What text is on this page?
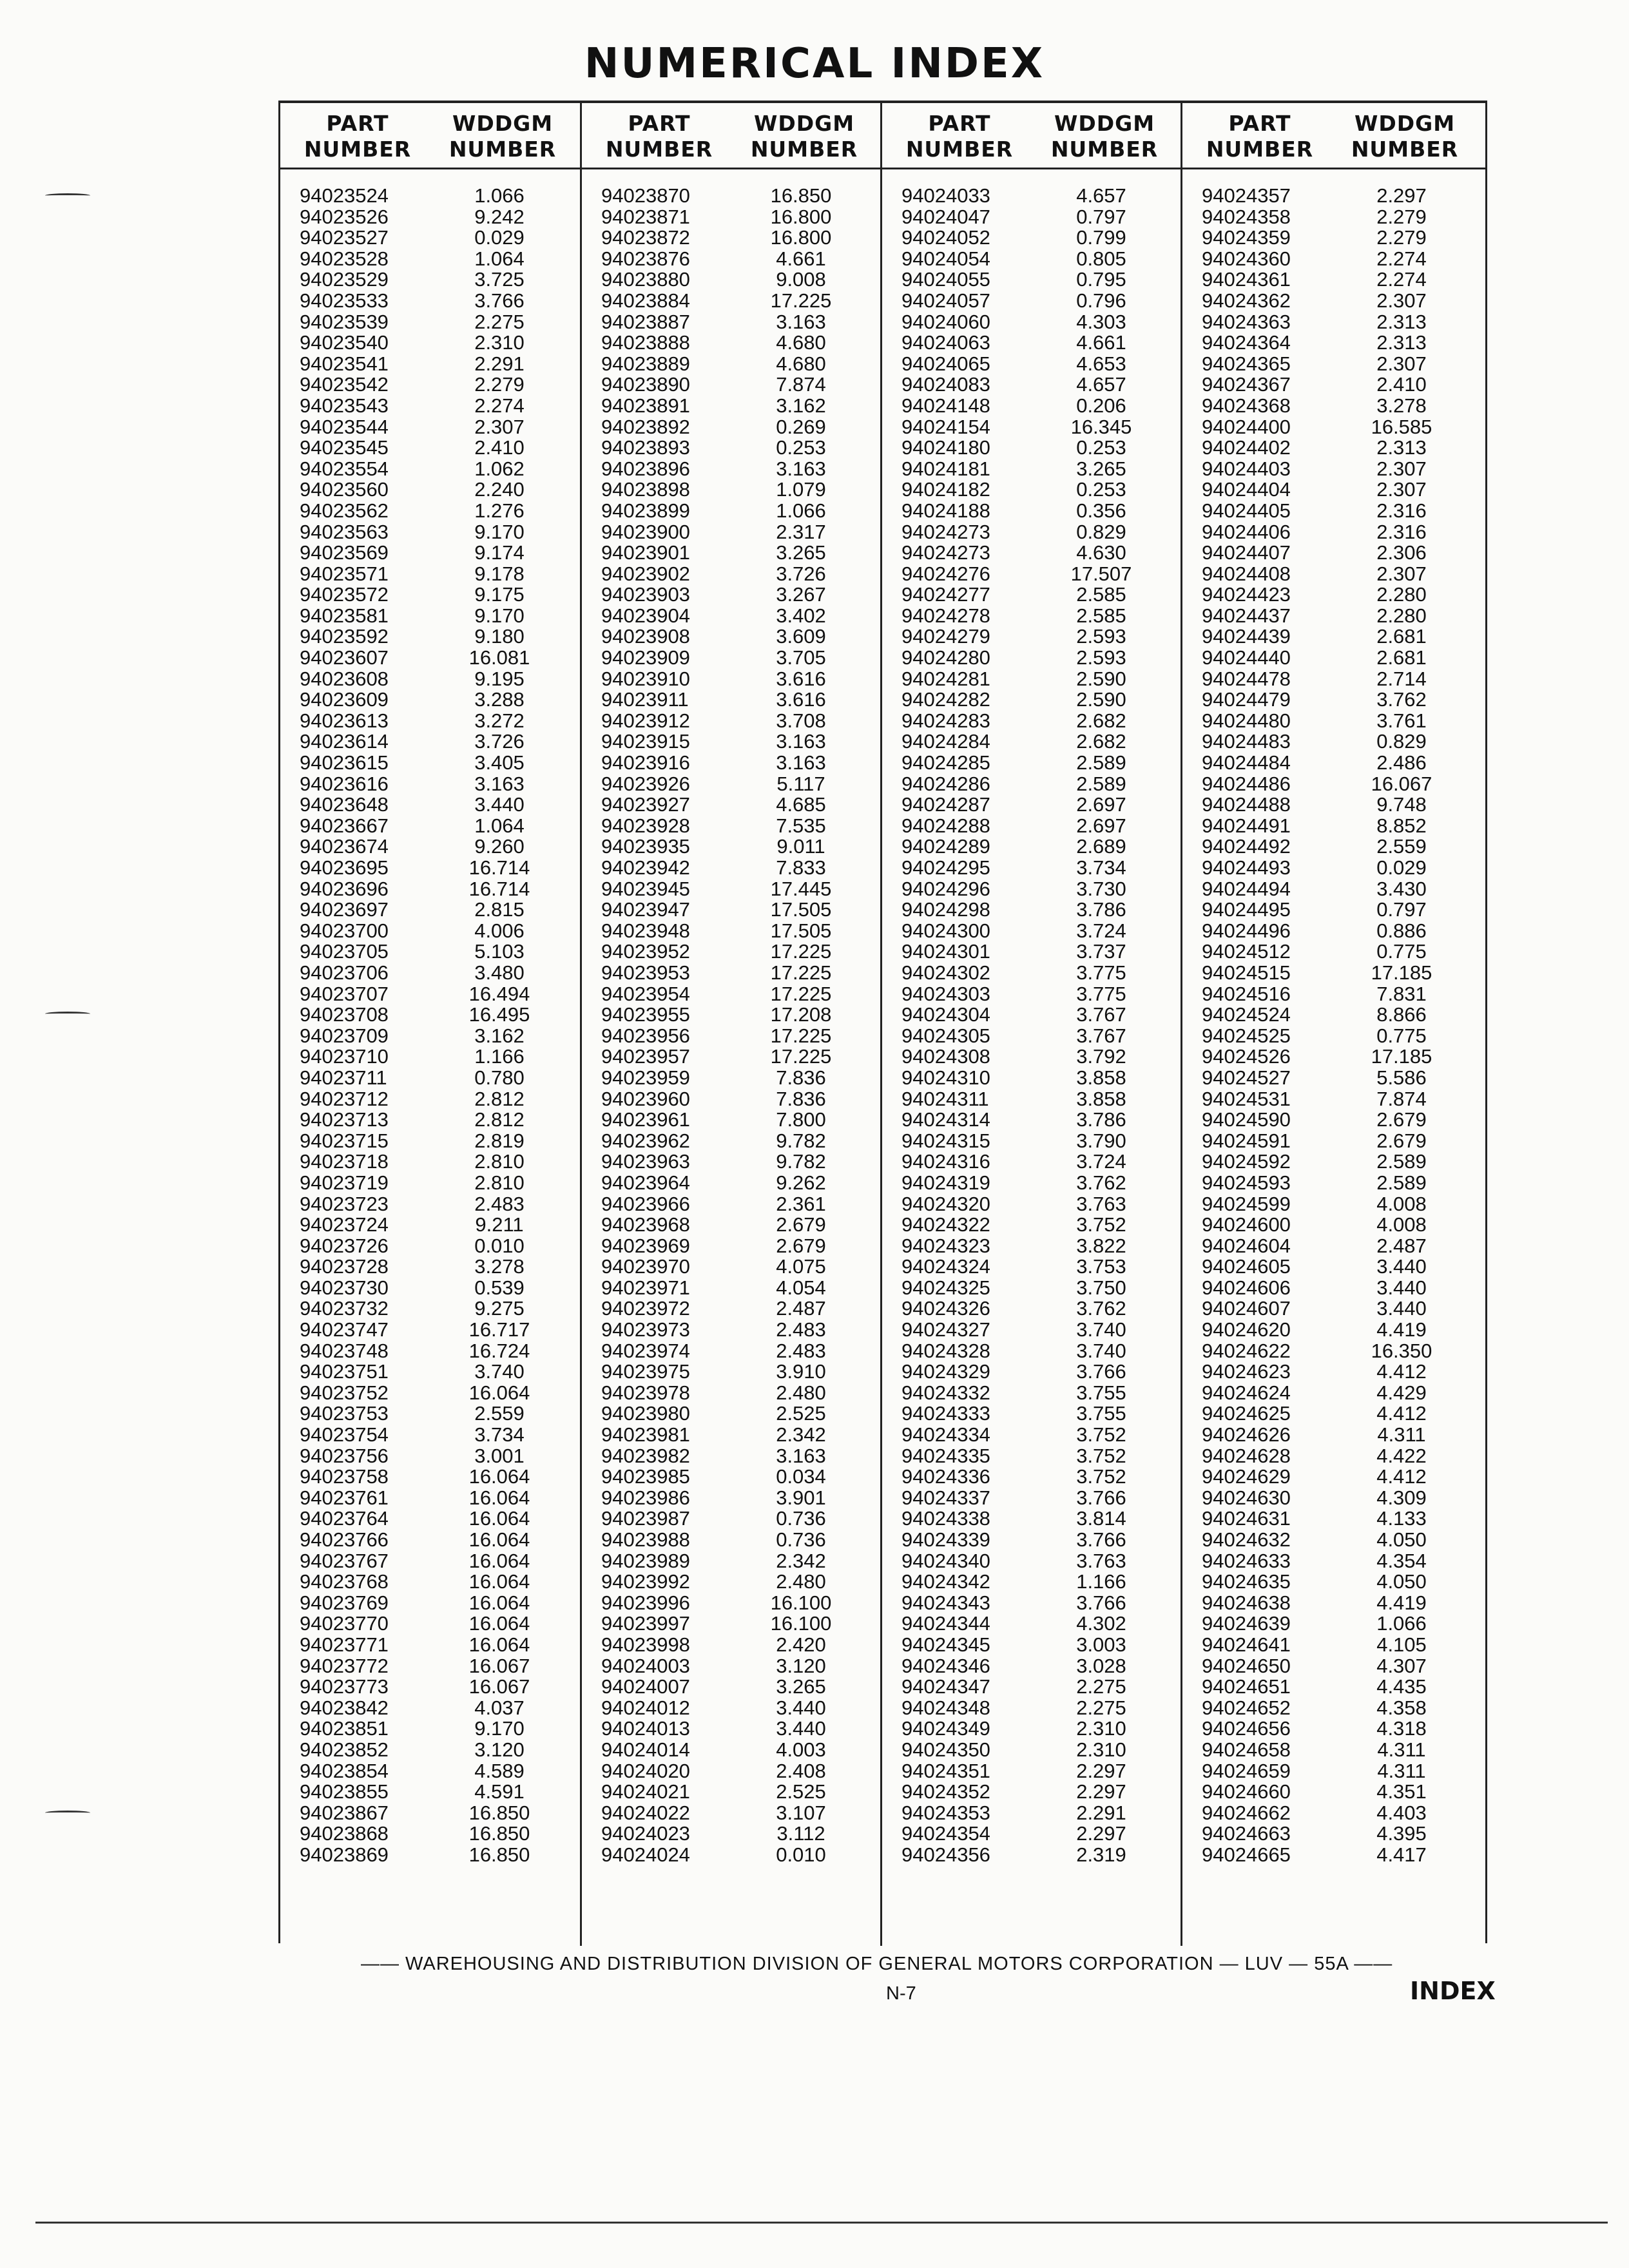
NUMERICAL INDEX
PART
NUMBER
WDDGM
NUMBER
94023524	1.066
94023526	9.242
94023527	0.029
94023528	1.064
94023529	3.725
94023533	3.766
94023539	2.275
94023540	2.310
94023541	2.291
94023542	2.279
94023543	2.274
94023544	2.307
94023545	2.410
94023554	1.062
94023560	2.240
94023562	1.276
94023563	9.170
94023569	9.174
94023571	9.178
94023572	9.175
94023581	9.170
94023592	9.180
94023607	16.081
94023608	9.195
94023609	3.288
94023613	3.272
94023614	3.726
94023615	3.405
94023616	3.163
94023648	3.440
94023667	1.064
94023674	9.260
94023695	16.714
94023696	16.714
94023697	2.815
94023700	4.006
94023705	5.103
94023706	3.480
94023707	16.494
94023708	16.495
94023709	3.162
94023710	1.166
94023711	0.780
94023712	2.812
94023713	2.812
94023715	2.819
94023718	2.810
94023719	2.810
94023723	2.483
94023724	9.211
94023726	0.010
94023728	3.278
94023730	0.539
94023732	9.275
94023747	16.717
94023748	16.724
94023751	3.740
94023752	16.064
94023753	2.559
94023754	3.734
94023756	3.001
94023758	16.064
94023761	16.064
94023764	16.064
94023766	16.064
94023767	16.064
94023768	16.064
94023769	16.064
94023770	16.064
94023771	16.064
94023772	16.067
94023773	16.067
94023842	4.037
94023851	9.170
94023852	3.120
94023854	4.589
94023855	4.591
94023867	16.850
94023868	16.850
94023869	16.850
PART
NUMBER
WDDGM
NUMBER
94023870	16.850
94023871	16.800
94023872	16.800
94023876	4.661
94023880	9.008
94023884	17.225
94023887	3.163
94023888	4.680
94023889	4.680
94023890	7.874
94023891	3.162
94023892	0.269
94023893	0.253
94023896	3.163
94023898	1.079
94023899	1.066
94023900	2.317
94023901	3.265
94023902	3.726
94023903	3.267
94023904	3.402
94023908	3.609
94023909	3.705
94023910	3.616
94023911	3.616
94023912	3.708
94023915	3.163
94023916	3.163
94023926	5.117
94023927	4.685
94023928	7.535
94023935	9.011
94023942	7.833
94023945	17.445
94023947	17.505
94023948	17.505
94023952	17.225
94023953	17.225
94023954	17.225
94023955	17.208
94023956	17.225
94023957	17.225
94023959	7.836
94023960	7.836
94023961	7.800
94023962	9.782
94023963	9.782
94023964	9.262
94023966	2.361
94023968	2.679
94023969	2.679
94023970	4.075
94023971	4.054
94023972	2.487
94023973	2.483
94023974	2.483
94023975	3.910
94023978	2.480
94023980	2.525
94023981	2.342
94023982	3.163
94023985	0.034
94023986	3.901
94023987	0.736
94023988	0.736
94023989	2.342
94023992	2.480
94023996	16.100
94023997	16.100
94023998	2.420
94024003	3.120
94024007	3.265
94024012	3.440
94024013	3.440
94024014	4.003
94024020	2.408
94024021	2.525
94024022	3.107
94024023	3.112
94024024	0.010
PART
NUMBER
WDDGM
NUMBER
94024033	4.657
94024047	0.797
94024052	0.799
94024054	0.805
94024055	0.795
94024057	0.796
94024060	4.303
94024063	4.661
94024065	4.653
94024083	4.657
94024148	0.206
94024154	16.345
94024180	0.253
94024181	3.265
94024182	0.253
94024188	0.356
94024273	0.829
94024273	4.630
94024276	17.507
94024277	2.585
94024278	2.585
94024279	2.593
94024280	2.593
94024281	2.590
94024282	2.590
94024283	2.682
94024284	2.682
94024285	2.589
94024286	2.589
94024287	2.697
94024288	2.697
94024289	2.689
94024295	3.734
94024296	3.730
94024298	3.786
94024300	3.724
94024301	3.737
94024302	3.775
94024303	3.775
94024304	3.767
94024305	3.767
94024308	3.792
94024310	3.858
94024311	3.858
94024314	3.786
94024315	3.790
94024316	3.724
94024319	3.762
94024320	3.763
94024322	3.752
94024323	3.822
94024324	3.753
94024325	3.750
94024326	3.762
94024327	3.740
94024328	3.740
94024329	3.766
94024332	3.755
94024333	3.755
94024334	3.752
94024335	3.752
94024336	3.752
94024337	3.766
94024338	3.814
94024339	3.766
94024340	3.763
94024342	1.166
94024343	3.766
94024344	4.302
94024345	3.003
94024346	3.028
94024347	2.275
94024348	2.275
94024349	2.310
94024350	2.310
94024351	2.297
94024352	2.297
94024353	2.291
94024354	2.297
94024356	2.319
PART
NUMBER
WDDGM
NUMBER
94024357	2.297
94024358	2.279
94024359	2.279
94024360	2.274
94024361	2.274
94024362	2.307
94024363	2.313
94024364	2.313
94024365	2.307
94024367	2.410
94024368	3.278
94024400	16.585
94024402	2.313
94024403	2.307
94024404	2.307
94024405	2.316
94024406	2.316
94024407	2.306
94024408	2.307
94024423	2.280
94024437	2.280
94024439	2.681
94024440	2.681
94024478	2.714
94024479	3.762
94024480	3.761
94024483	0.829
94024484	2.486
94024486	16.067
94024488	9.748
94024491	8.852
94024492	2.559
94024493	0.029
94024494	3.430
94024495	0.797
94024496	0.886
94024512	0.775
94024515	17.185
94024516	7.831
94024524	8.866
94024525	0.775
94024526	17.185
94024527	5.586
94024531	7.874
94024590	2.679
94024591	2.679
94024592	2.589
94024593	2.589
94024599	4.008
94024600	4.008
94024604	2.487
94024605	3.440
94024606	3.440
94024607	3.440
94024620	4.419
94024622	16.350
94024623	4.412
94024624	4.429
94024625	4.412
94024626	4.311
94024628	4.422
94024629	4.412
94024630	4.309
94024631	4.133
94024632	4.050
94024633	4.354
94024635	4.050
94024638	4.419
94024639	1.066
94024641	4.105
94024650	4.307
94024651	4.435
94024652	4.358
94024656	4.318
94024658	4.311
94024659	4.311
94024660	4.351
94024662	4.403
94024663	4.395
94024665	4.417
—— WAREHOUSING AND DISTRIBUTION DIVISION OF GENERAL MOTORS CORPORATION — LUV — 55A ——
N-7	INDEX
